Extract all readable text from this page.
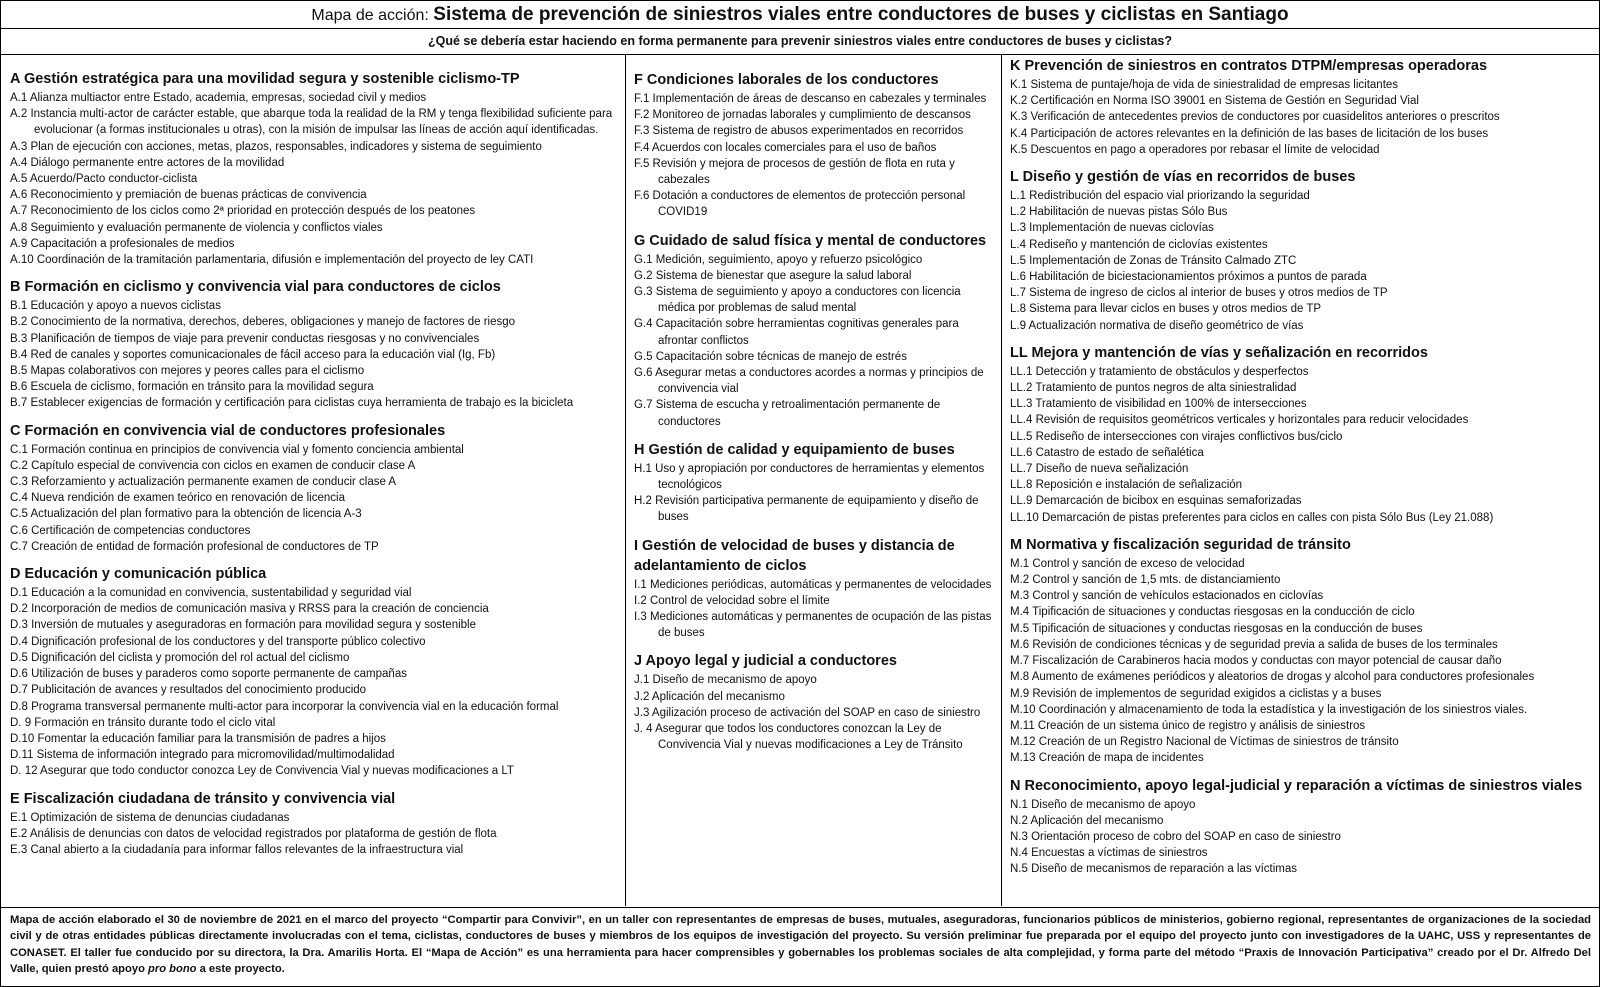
Mapa de acción: Sistema de prevención de siniestros viales entre conductores de buses y ciclistas en Santiago
¿Qué se debería estar haciendo en forma permanente para prevenir siniestros viales entre conductores de buses y ciclistas?
A Gestión estratégica para una movilidad segura y sostenible ciclismo-TP
A.1 Alianza multiactor entre Estado, academia, empresas, sociedad civil y medios
A.2 Instancia multi-actor de carácter estable, que abarque toda la realidad de la RM y tenga flexibilidad suficiente para evolucionar (a formas institucionales u otras), con la misión de impulsar las líneas de acción aquí identificadas.
A.3 Plan de ejecución con acciones, metas, plazos, responsables, indicadores y sistema de seguimiento
A.4 Diálogo permanente entre actores de la movilidad
A.5 Acuerdo/Pacto conductor-ciclista
A.6 Reconocimiento y premiación de buenas prácticas de convivencia
A.7 Reconocimiento de los ciclos como 2ª prioridad en protección después de los peatones
A.8 Seguimiento y evaluación permanente de violencia y conflictos viales
A.9 Capacitación a profesionales de medios
A.10 Coordinación de la tramitación parlamentaria, difusión e implementación del proyecto de ley CATI
B Formación en ciclismo y convivencia vial para conductores de ciclos
B.1 Educación y apoyo a nuevos ciclistas
B.2 Conocimiento de la normativa, derechos, deberes, obligaciones y manejo de factores de riesgo
B.3 Planificación de tiempos de viaje para prevenir conductas riesgosas y no convivenciales
B.4 Red de canales y soportes comunicacionales de fácil acceso para la educación vial (Ig, Fb)
B.5 Mapas colaborativos con mejores y peores calles para el ciclismo
B.6 Escuela de ciclismo, formación en tránsito para la movilidad segura
B.7 Establecer exigencias de formación y certificación para ciclistas cuya herramienta de trabajo es la bicicleta
C Formación en convivencia vial de conductores profesionales
C.1 Formación continua en principios de convivencia vial y fomento conciencia ambiental
C.2 Capítulo especial de convivencia con ciclos en examen de conducir clase A
C.3 Reforzamiento y actualización permanente examen de conducir clase A
C.4 Nueva rendición de examen teórico en renovación de licencia
C.5 Actualización del plan formativo para la obtención de licencia A-3
C.6 Certificación de competencias conductores
C.7 Creación de entidad de formación profesional de conductores de TP
D Educación y comunicación pública
D.1 Educación a la comunidad en convivencia, sustentabilidad y seguridad vial
D.2 Incorporación de medios de comunicación masiva y RRSS para la creación de conciencia
D.3 Inversión de mutuales y aseguradoras en formación para movilidad segura y sostenible
D.4 Dignificación profesional de los conductores y del transporte público colectivo
D.5 Dignificación del ciclista y promoción del rol actual del ciclismo
D.6 Utilización de buses y paraderos como soporte permanente de campañas
D.7 Publicitación de avances y resultados del conocimiento producido
D.8 Programa transversal permanente multi-actor para incorporar la convivencia vial en la educación formal
D. 9 Formación en tránsito durante todo el ciclo vital
D.10 Fomentar la educación familiar para la transmisión de padres a hijos
D.11 Sistema de información integrado para micromovilidad/multimodalidad
D. 12 Asegurar que todo conductor conozca Ley de Convivencia Vial y nuevas modificaciones a LT
E Fiscalización ciudadana de tránsito y convivencia vial
E.1 Optimización de sistema de denuncias ciudadanas
E.2 Análisis de denuncias con datos de velocidad registrados por plataforma de gestión de flota
E.3 Canal abierto a la ciudadanía para informar fallos relevantes de la infraestructura vial
F Condiciones laborales de los conductores
F.1 Implementación de áreas de descanso en cabezales y terminales
F.2 Monitoreo de jornadas laborales y cumplimiento de descansos
F.3 Sistema de registro de abusos experimentados en recorridos
F.4 Acuerdos con locales comerciales para el uso de baños
F.5 Revisión y mejora de procesos de gestión de flota en ruta y cabezales
F.6 Dotación a conductores de elementos de protección personal COVID19
G Cuidado de salud física y mental de conductores
G.1 Medición, seguimiento, apoyo y refuerzo psicológico
G.2 Sistema de bienestar que asegure la salud laboral
G.3 Sistema de seguimiento y apoyo a conductores con licencia médica por problemas de salud mental
G.4 Capacitación sobre herramientas cognitivas generales para afrontar conflictos
G.5 Capacitación sobre técnicas de manejo de estrés
G.6 Asegurar metas a conductores acordes a normas y principios de convivencia vial
G.7 Sistema de escucha y retroalimentación permanente de conductores
H Gestión de calidad y equipamiento de buses
H.1 Uso y apropiación por conductores de herramientas y elementos tecnológicos
H.2 Revisión participativa permanente de equipamiento y diseño de buses
I Gestión de velocidad de buses y distancia de adelantamiento de ciclos
I.1 Mediciones periódicas, automáticas y permanentes de velocidades
I.2 Control de velocidad sobre el límite
I.3 Mediciones automáticas y permanentes de ocupación de las pistas de buses
J Apoyo legal y judicial a conductores
J.1 Diseño de mecanismo de apoyo
J.2 Aplicación del mecanismo
J.3 Agilización proceso de activación del SOAP en caso de siniestro
J. 4 Asegurar que todos los conductores conozcan la Ley de Convivencia Vial y nuevas modificaciones a Ley de Tránsito
K Prevención de siniestros en contratos DTPM/empresas operadoras
K.1 Sistema de puntaje/hoja de vida de siniestralidad de empresas licitantes
K.2 Certificación en Norma ISO 39001 en Sistema de Gestión en Seguridad Vial
K.3 Verificación de antecedentes previos de conductores por cuasidelitos anteriores o prescritos
K.4 Participación de actores relevantes en la definición de las bases de licitación de los buses
K.5 Descuentos en pago a operadores por rebasar el límite de velocidad
L Diseño y gestión de vías en recorridos de buses
L.1 Redistribución del espacio vial priorizando la seguridad
L.2 Habilitación de nuevas pistas Sólo Bus
L.3 Implementación de nuevas ciclovías
L.4 Rediseño y mantención de ciclovías existentes
L.5 Implementación de Zonas de Tránsito Calmado ZTC
L.6 Habilitación de biciestacionamientos próximos a puntos de parada
L.7 Sistema de ingreso de ciclos al interior de buses y otros medios de TP
L.8 Sistema para llevar ciclos en buses y otros medios de TP
L.9 Actualización normativa de diseño geométrico de vías
LL Mejora y mantención de vías y señalización en recorridos
LL.1 Detección y tratamiento de obstáculos y desperfectos
LL.2 Tratamiento de puntos negros de alta siniestralidad
LL.3 Tratamiento de visibilidad en 100% de intersecciones
LL.4 Revisión de requisitos geométricos verticales y horizontales para reducir velocidades
LL.5 Rediseño de intersecciones con virajes conflictivos bus/ciclo
LL.6 Catastro de estado de señalética
LL.7 Diseño de nueva señalización
LL.8 Reposición e instalación de señalización
LL.9 Demarcación de bicibox en esquinas semaforizadas
LL.10 Demarcación de pistas preferentes para ciclos en calles con pista Sólo Bus (Ley 21.088)
M Normativa y fiscalización seguridad de tránsito
M.1 Control y sanción de exceso de velocidad
M.2 Control y sanción de 1,5 mts. de distanciamiento
M.3 Control y sanción de vehículos estacionados en ciclovías
M.4 Tipificación de situaciones y conductas riesgosas en la conducción de ciclo
M.5 Tipificación de situaciones y conductas riesgosas en la conducción de buses
M.6 Revisión de condiciones técnicas y de seguridad previa a salida de buses de los terminales
M.7 Fiscalización de Carabineros hacia modos y conductas con mayor potencial de causar daño
M.8 Aumento de exámenes periódicos y aleatorios de drogas y alcohol para conductores profesionales
M.9 Revisión de implementos de seguridad exigidos a ciclistas y a buses
M.10 Coordinación y almacenamiento de toda la estadística y la investigación de los siniestros viales.
M.11 Creación de un sistema único de registro y análisis de siniestros
M.12 Creación de un Registro Nacional de Víctimas de siniestros de tránsito
M.13 Creación de mapa de incidentes
N Reconocimiento, apoyo legal-judicial y reparación a víctimas de siniestros viales
N.1 Diseño de mecanismo de apoyo
N.2 Aplicación del mecanismo
N.3 Orientación proceso de cobro del SOAP en caso de siniestro
N.4 Encuestas a víctimas de siniestros
N.5 Diseño de mecanismos de reparación a las víctimas
Mapa de acción elaborado el 30 de noviembre de 2021 en el marco del proyecto “Compartir para Convivir”, en un taller con representantes de empresas de buses, mutuales, aseguradoras, funcionarios públicos de ministerios, gobierno regional, representantes de organizaciones de la sociedad civil y de otras entidades públicas directamente involucradas con el tema, ciclistas, conductores de buses y miembros de los equipos de investigación del proyecto. Su versión preliminar fue preparada por el equipo del proyecto junto con investigadores de la UAHC, USS y representantes de CONASET. El taller fue conducido por su directora, la Dra. Amarilis Horta. El “Mapa de Acción” es una herramienta para hacer comprensibles y gobernables los problemas sociales de alta complejidad, y forma parte del método “Praxis de Innovación Participativa” creado por el Dr. Alfredo Del Valle, quien prestó apoyo pro bono a este proyecto.
